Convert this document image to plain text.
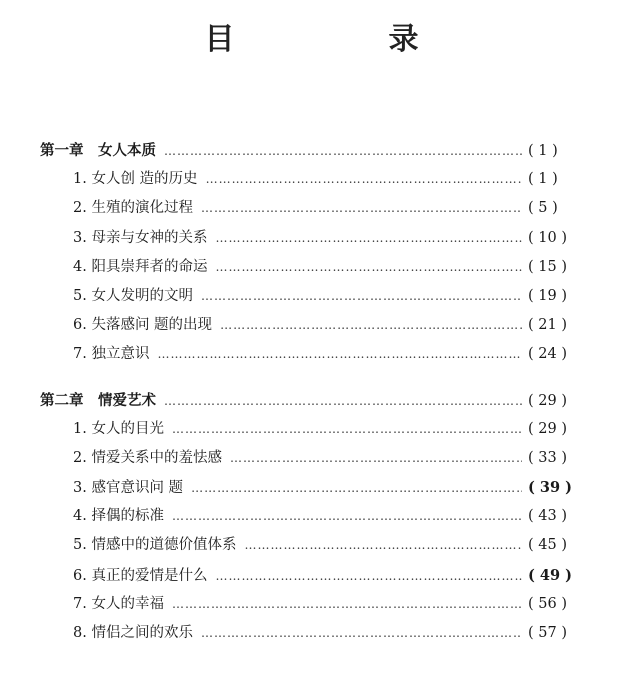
目　录
第一章　女人本质 ……………………………………………………………………………………………………………………………………………………………	( 1 )
1. 女人创 造的历史 ……………………………………………………………………………………………………………………………………………………………	( 1 )
2. 生殖的演化过程 ……………………………………………………………………………………………………………………………………………………………	( 5 )
3. 母亲与女神的关系 ……………………………………………………………………………………………………………………………………………………………	( 10 )
4. 阳具崇拜者的命运 ……………………………………………………………………………………………………………………………………………………………	( 15 )
5. 女人发明的文明 ……………………………………………………………………………………………………………………………………………………………	( 19 )
6. 失落感问 题的出现 ……………………………………………………………………………………………………………………………………………………………	( 21 )
7. 独立意识 ……………………………………………………………………………………………………………………………………………………………	( 24 )
第二章　情爱艺术 ……………………………………………………………………………………………………………………………………………………………	( 29 )
1. 女人的目光 ……………………………………………………………………………………………………………………………………………………………	( 29 )
2. 情爱关系中的羞怯感 ……………………………………………………………………………………………………………………………………………………………	( 33 )
3. 感官意识问 题 ……………………………………………………………………………………………………………………………………………………………	( 39 )
4. 择偶的标准 ……………………………………………………………………………………………………………………………………………………………	( 43 )
5. 情感中的道德价值体系 ……………………………………………………………………………………………………………………………………………………………	( 45 )
6. 真正的爱情是什么 ……………………………………………………………………………………………………………………………………………………………	( 49 )
7. 女人的幸福 ……………………………………………………………………………………………………………………………………………………………	( 56 )
8. 情侣之间的欢乐 ……………………………………………………………………………………………………………………………………………………………	( 57 )
